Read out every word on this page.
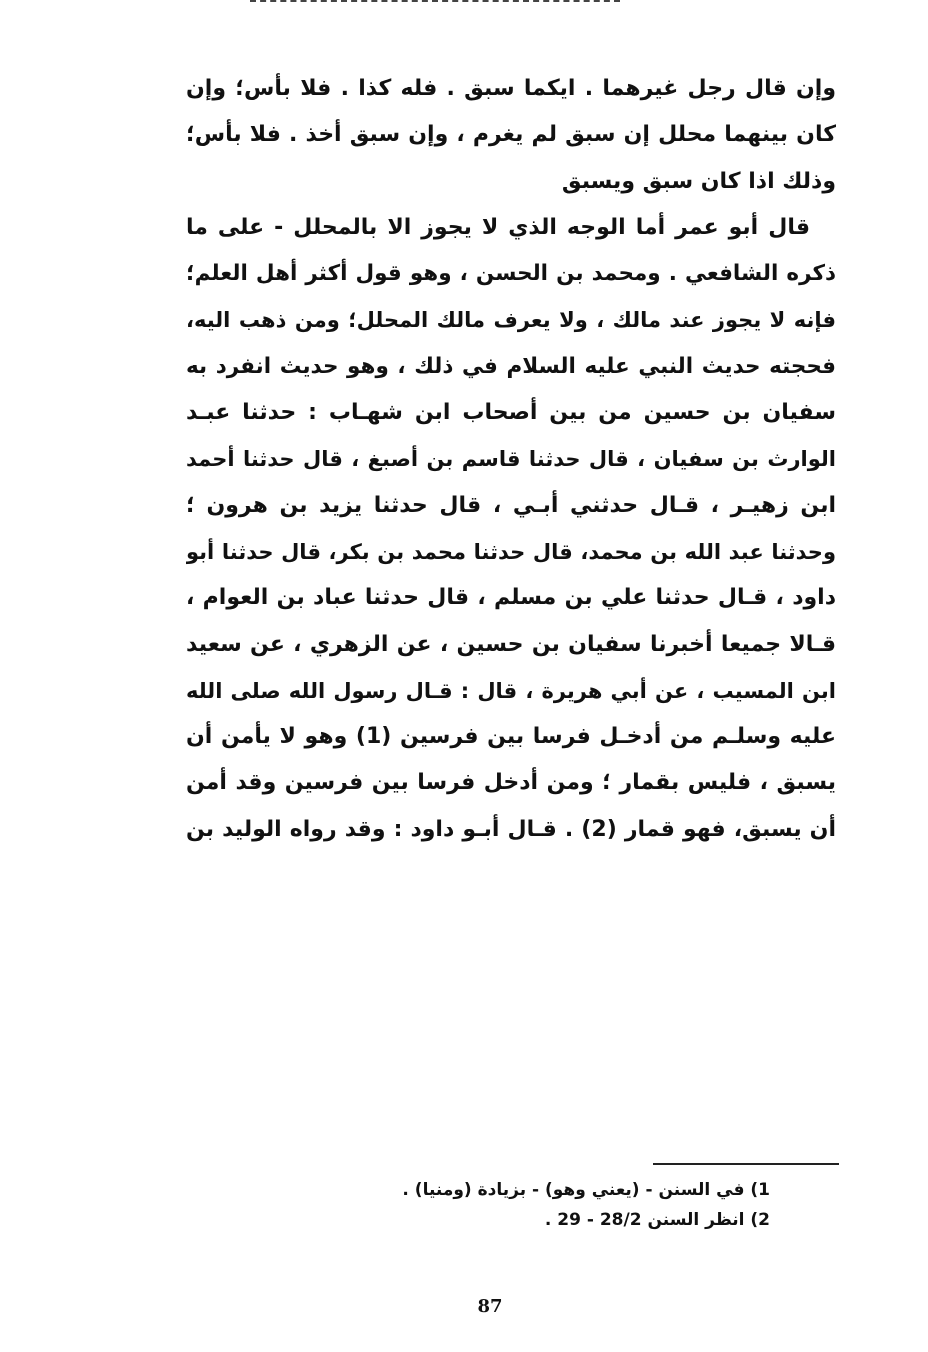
وإن قال رجل غيرهما . ايكما سبق . فله كذا . فلا بأس؛ وإن
كان بينهما محلل إن سبق لم يغرم ، وإن سبق أخذ . فلا بأس؛
وذلك اذا كان سبق ويسبق
قال أبو عمر أما الوجه الذي لا يجوز الا بالمحلل - على ما
ذكره الشافعي . ومحمد بن الحسن ، وهو قول أكثر أهل العلم؛
فإنه لا يجوز عند مالك ، ولا يعرف مالك المحلل؛ ومن ذهب اليه،
فحجته حديث النبي عليه السلام في ذلك ، وهو حديث انفرد به
سفيان بن حسين من بين أصحاب ابن شهـاب : حدثنا عبـد
الوارث بن سفيان ، قال حدثنا قاسم بن أصبغ ، قال حدثنا أحمد
ابن زهيـر ، قـال حدثني أبـي ، قال حدثنا يزيد بن هرون ؛
وحدثنا عبد الله بن محمد، قال حدثنا محمد بن بكر، قال حدثنا أبو
داود ، قـال حدثنا علي بن مسلم ، قال حدثنا عباد بن العوام ،
قـالا جميعا أخبرنا سفيان بن حسين ، عن الزهري ، عن سعيد
ابن المسيب ، عن أبي هريرة ، قال : قـال رسول الله صلى الله
عليه وسلـم من أدخـل فرسا بين فرسين (1) وهو لا يأمن أن
يسبق ، فليس بقمار ؛ ومن أدخل فرسا بين فرسين وقد أمن
أن يسبق، فهو قمار (2) . قـال أبـو داود : وقد رواه الوليد بن
1) في السنن - (يعني وهو) - بزيادة (ومنيا) .
2) انظر السنن 28/2 - 29 .
87
